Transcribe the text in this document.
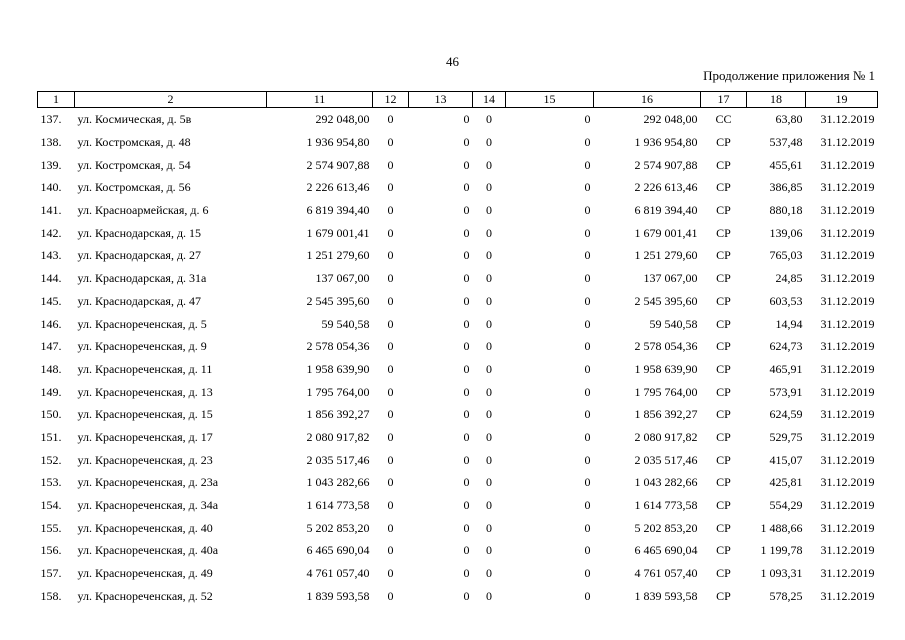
46
Продолжение приложения № 1
1	2	11	12	13	14	15	16	17	18	19
137.	ул. Космическая, д. 5в	292 048,00	0	0	0	0	292 048,00	СС	63,80	31.12.2019
138.	ул. Костромская, д. 48	1 936 954,80	0	0	0	0	1 936 954,80	СР	537,48	31.12.2019
139.	ул. Костромская, д. 54	2 574 907,88	0	0	0	0	2 574 907,88	СР	455,61	31.12.2019
140.	ул. Костромская, д. 56	2 226 613,46	0	0	0	0	2 226 613,46	СР	386,85	31.12.2019
141.	ул. Красноармейская, д. 6	6 819 394,40	0	0	0	0	6 819 394,40	СР	880,18	31.12.2019
142.	ул. Краснодарская, д. 15	1 679 001,41	0	0	0	0	1 679 001,41	СР	139,06	31.12.2019
143.	ул. Краснодарская, д. 27	1 251 279,60	0	0	0	0	1 251 279,60	СР	765,03	31.12.2019
144.	ул. Краснодарская, д. 31а	137 067,00	0	0	0	0	137 067,00	СР	24,85	31.12.2019
145.	ул. Краснодарская, д. 47	2 545 395,60	0	0	0	0	2 545 395,60	СР	603,53	31.12.2019
146.	ул. Краснореченская, д. 5	59 540,58	0	0	0	0	59 540,58	СР	14,94	31.12.2019
147.	ул. Краснореченская, д. 9	2 578 054,36	0	0	0	0	2 578 054,36	СР	624,73	31.12.2019
148.	ул. Краснореченская, д. 11	1 958 639,90	0	0	0	0	1 958 639,90	СР	465,91	31.12.2019
149.	ул. Краснореченская, д. 13	1 795 764,00	0	0	0	0	1 795 764,00	СР	573,91	31.12.2019
150.	ул. Краснореченская, д. 15	1 856 392,27	0	0	0	0	1 856 392,27	СР	624,59	31.12.2019
151.	ул. Краснореченская, д. 17	2 080 917,82	0	0	0	0	2 080 917,82	СР	529,75	31.12.2019
152.	ул. Краснореченская, д. 23	2 035 517,46	0	0	0	0	2 035 517,46	СР	415,07	31.12.2019
153.	ул. Краснореченская, д. 23а	1 043 282,66	0	0	0	0	1 043 282,66	СР	425,81	31.12.2019
154.	ул. Краснореченская, д. 34а	1 614 773,58	0	0	0	0	1 614 773,58	СР	554,29	31.12.2019
155.	ул. Краснореченская, д. 40	5 202 853,20	0	0	0	0	5 202 853,20	СР	1 488,66	31.12.2019
156.	ул. Краснореченская, д. 40а	6 465 690,04	0	0	0	0	6 465 690,04	СР	1 199,78	31.12.2019
157.	ул. Краснореченская, д. 49	4 761 057,40	0	0	0	0	4 761 057,40	СР	1 093,31	31.12.2019
158.	ул. Краснореченская, д. 52	1 839 593,58	0	0	0	0	1 839 593,58	СР	578,25	31.12.2019
